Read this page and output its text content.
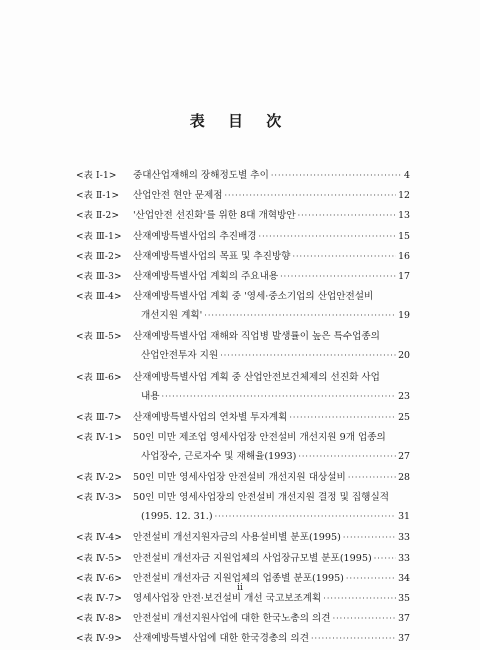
表 目 次
<表 Ⅰ-1>	중대산업재해의 장해정도별 추이 ·····	4
<表 Ⅱ-1>	산업안전 현안 문제점 ·····	12
<表 Ⅱ-2>	'산업안전 선진화'를 위한 8대 개혁방안 ·····	13
<表 Ⅲ-1>	산재예방특별사업의 추진배경 ·····	15
<表 Ⅲ-2>	산재예방특별사업의 목표 및 추진방향 ·····	16
<表 Ⅲ-3>	산재예방특별사업 계획의 주요내용 ·····	17
<表 Ⅲ-4>	산재예방특별사업 계획 중 '영세·중소기업의 산업안전설비
개선지원 계획' ·····	19
<表 Ⅲ-5>	산재예방특별사업 재해와 직업병 발생률이 높은 특수업종의
산업안전투자 지원 ·····	20
<表 Ⅲ-6>	산재예방특별사업 계획 중 산업안전보건체제의 선진화 사업
내용 ·····	23
<表 Ⅲ-7>	산재예방특별사업의 연차별 투자계획 ·····	25
<表 Ⅳ-1>	50인 미만 제조업 영세사업장 안전설비 개선지원 9개 업종의
사업장수, 근로자수 및 재해율(1993) ·····	27
<表 Ⅳ-2>	50인 미만 영세사업장 안전설비 개선지원 대상설비 ·····	28
<表 Ⅳ-3>	50인 미만 영세사업장의 안전설비 개선지원 결정 및 집행실적
(1995. 12. 31.) ·····	31
<表 Ⅳ-4>	안전설비 개선지원자금의 사용설비별 분포(1995) ·····	33
<表 Ⅳ-5>	안전설비 개선자금 지원업체의 사업장규모별 분포(1995) ·····	33
<表 Ⅳ-6>	안전설비 개선자금 지원업체의 업종별 분포(1995) ·····	34
<表 Ⅳ-7>	영세사업장 안전·보건설비 개선 국고보조계획 ·····	35
<表 Ⅳ-8>	안전설비 개선지원사업에 대한 한국노총의 의견 ·····	37
<表 Ⅳ-9>	산재예방특별사업에 대한 한국경총의 의견 ·····	37
ii
